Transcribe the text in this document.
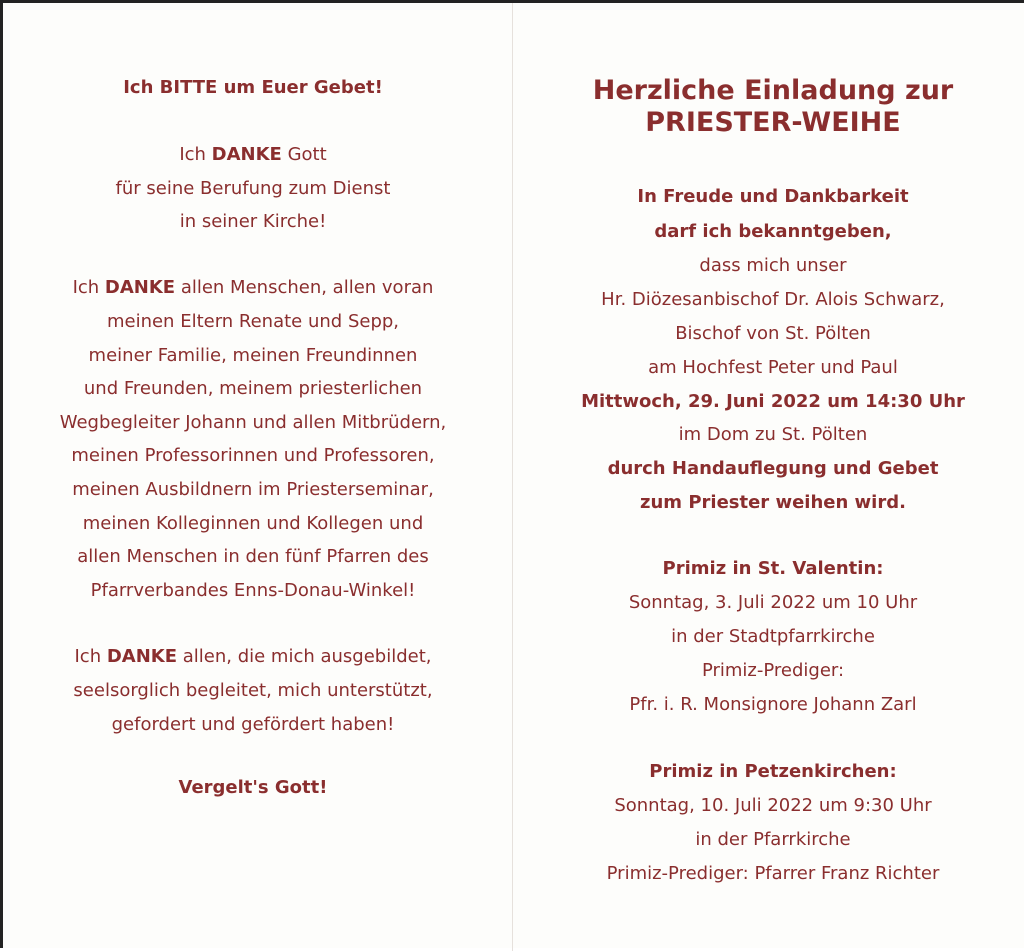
Ich BITTE um Euer Gebet!
Ich DANKE Gott
für seine Berufung zum Dienst
in seiner Kirche!
Ich DANKE allen Menschen, allen voran
meinen Eltern Renate und Sepp,
meiner Familie, meinen Freundinnen
und Freunden, meinem priesterlichen
Wegbegleiter Johann und allen Mitbrüdern,
meinen Professorinnen und Professoren,
meinen Ausbildnern im Priesterseminar,
meinen Kolleginnen und Kollegen und
allen Menschen in den fünf Pfarren des
Pfarrverbandes Enns-Donau-Winkel!
Ich DANKE allen, die mich ausgebildet,
seelsorglich begleitet, mich unterstützt,
gefordert und gefördert haben!
Vergelt's Gott!
Herzliche Einladung zur
PRIESTER-WEIHE
In Freude und Dankbarkeit
darf ich bekanntgeben,
dass mich unser
Hr. Diözesanbischof Dr. Alois Schwarz,
Bischof von St. Pölten
am Hochfest Peter und Paul
Mittwoch, 29. Juni 2022 um 14:30 Uhr
im Dom zu St. Pölten
durch Handauflegung und Gebet
zum Priester weihen wird.
Primiz in St. Valentin:
Sonntag, 3. Juli 2022 um 10 Uhr
in der Stadtpfarrkirche
Primiz-Prediger:
Pfr. i. R. Monsignore Johann Zarl
Primiz in Petzenkirchen:
Sonntag, 10. Juli 2022 um 9:30 Uhr
in der Pfarrkirche
Primiz-Prediger: Pfarrer Franz Richter
